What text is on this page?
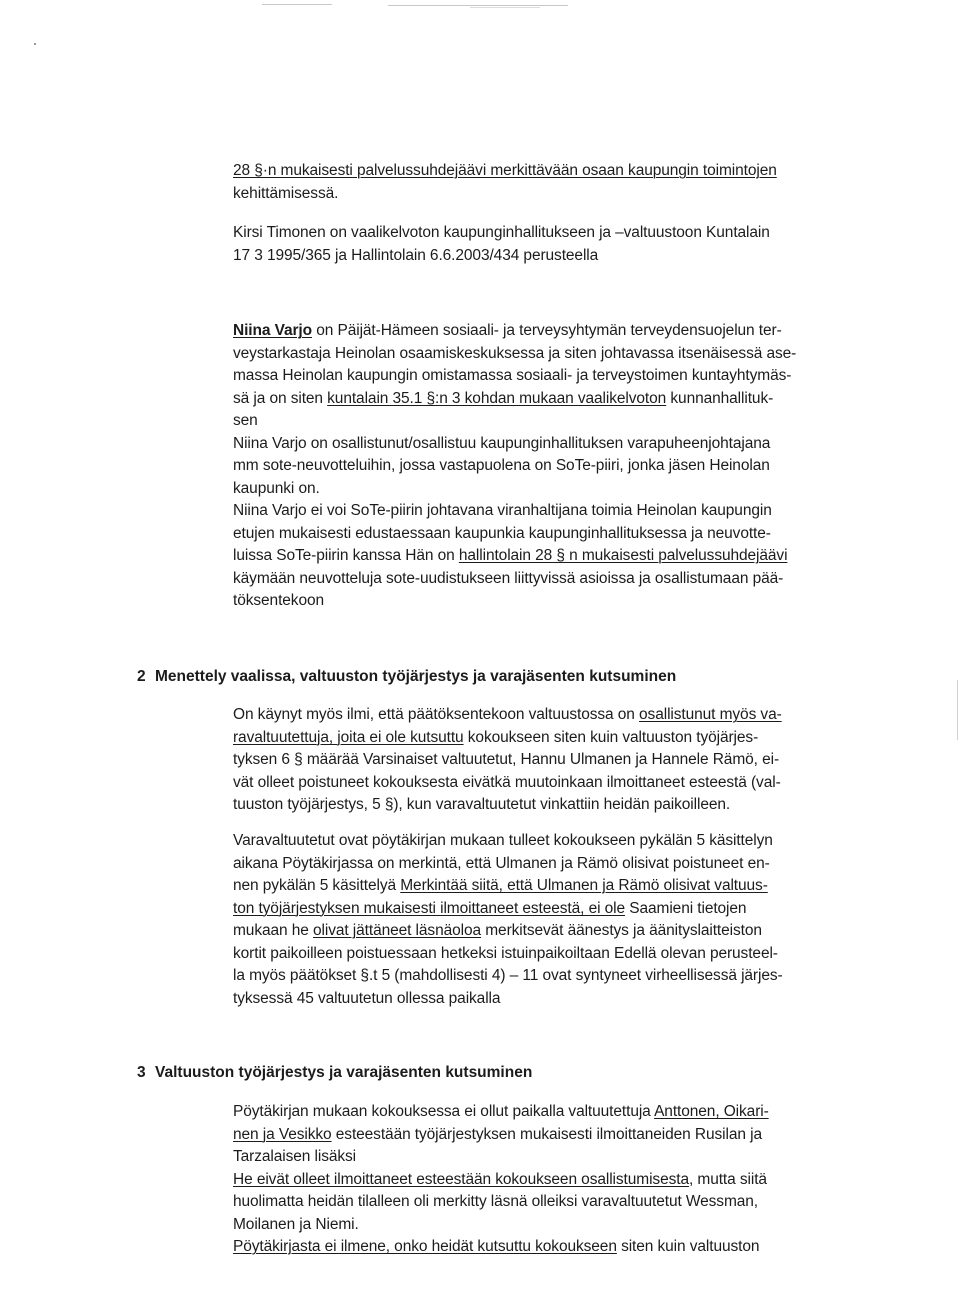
28 §·n mukaisesti palvelussuhdejäävi merkittävään osaan kaupungin toimintojen
kehittämisessä.
Kirsi Timonen on vaalikelvoton kaupunginhallitukseen ja –valtuustoon Kuntalain
17 3 1995/365 ja Hallintolain 6.6.2003/434 perusteella
Niina Varjo on Päijät-Hämeen sosiaali- ja terveysyhtymän terveydensuojelun ter-
veystarkastaja Heinolan osaamiskeskuksessa ja siten johtavassa itsenäisessä ase-
massa Heinolan kaupungin omistamassa sosiaali- ja terveystoimen kuntayhtymäs-
sä ja on siten kuntalain 35.1 §:n 3 kohdan mukaan vaalikelvoton kunnanhallituk-
sen
Niina Varjo on osallistunut/osallistuu kaupunginhallituksen varapuheenjohtajana
mm sote-neuvotteluihin, jossa vastapuolena on SoTe-piiri, jonka jäsen Heinolan
kaupunki on.
Niina Varjo ei voi SoTe-piirin johtavana viranhaltijana toimia Heinolan kaupungin
etujen mukaisesti edustaessaan kaupunkia kaupunginhallituksessa ja neuvotte-
luissa SoTe-piirin kanssa Hän on hallintolain 28 § n mukaisesti palvelussuhdejäävi
käymään neuvotteluja sote-uudistukseen liittyvissä asioissa ja osallistumaan pää-
töksentekoon
2 Menettely vaalissa, valtuuston työjärjestys ja varajäsenten kutsuminen
On käynyt myös ilmi, että päätöksentekoon valtuustossa on osallistunut myös va-
ravaltuutettuja, joita ei ole kutsuttu kokoukseen siten kuin valtuuston työjärjes-
tyksen 6 § määrää Varsinaiset valtuutetut, Hannu Ulmanen ja Hannele Rämö, ei-
vät olleet poistuneet kokouksesta eivätkä muutoinkaan ilmoittaneet esteestä (val-
tuuston työjärjestys, 5 §), kun varavaltuutetut vinkattiin heidän paikoilleen.
Varavaltuutetut ovat pöytäkirjan mukaan tulleet kokoukseen pykälän 5 käsittelyn
aikana Pöytäkirjassa on merkintä, että Ulmanen ja Rämö olisivat poistuneet en-
nen pykälän 5 käsittelyä Merkintää siitä, että Ulmanen ja Rämö olisivat valtuus-
ton työjärjestyksen mukaisesti ilmoittaneet esteestä, ei ole Saamieni tietojen
mukaan he olivat jättäneet läsnäoloa merkitsevät äänestys ja äänityslaitteiston
kortit paikoilleen poistuessaan hetkeksi istuinpaikoiltaan Edellä olevan perusteel-
la myös päätökset §.t 5 (mahdollisesti 4) – 11 ovat syntyneet virheellisessä järjes-
tyksessä 45 valtuutetun ollessa paikalla
3 Valtuuston työjärjestys ja varajäsenten kutsuminen
Pöytäkirjan mukaan kokouksessa ei ollut paikalla valtuutettuja Anttonen, Oikari-
nen ja Vesikko esteestään työjärjestyksen mukaisesti ilmoittaneiden Rusilan ja
Tarzalaisen lisäksi
He eivät olleet ilmoittaneet esteestään kokoukseen osallistumisesta, mutta siitä
huolimatta heidän tilalleen oli merkitty läsnä olleiksi varavaltuutetut Wessman,
Moilanen ja Niemi.
Pöytäkirjasta ei ilmene, onko heidät kutsuttu kokoukseen siten kuin valtuuston
